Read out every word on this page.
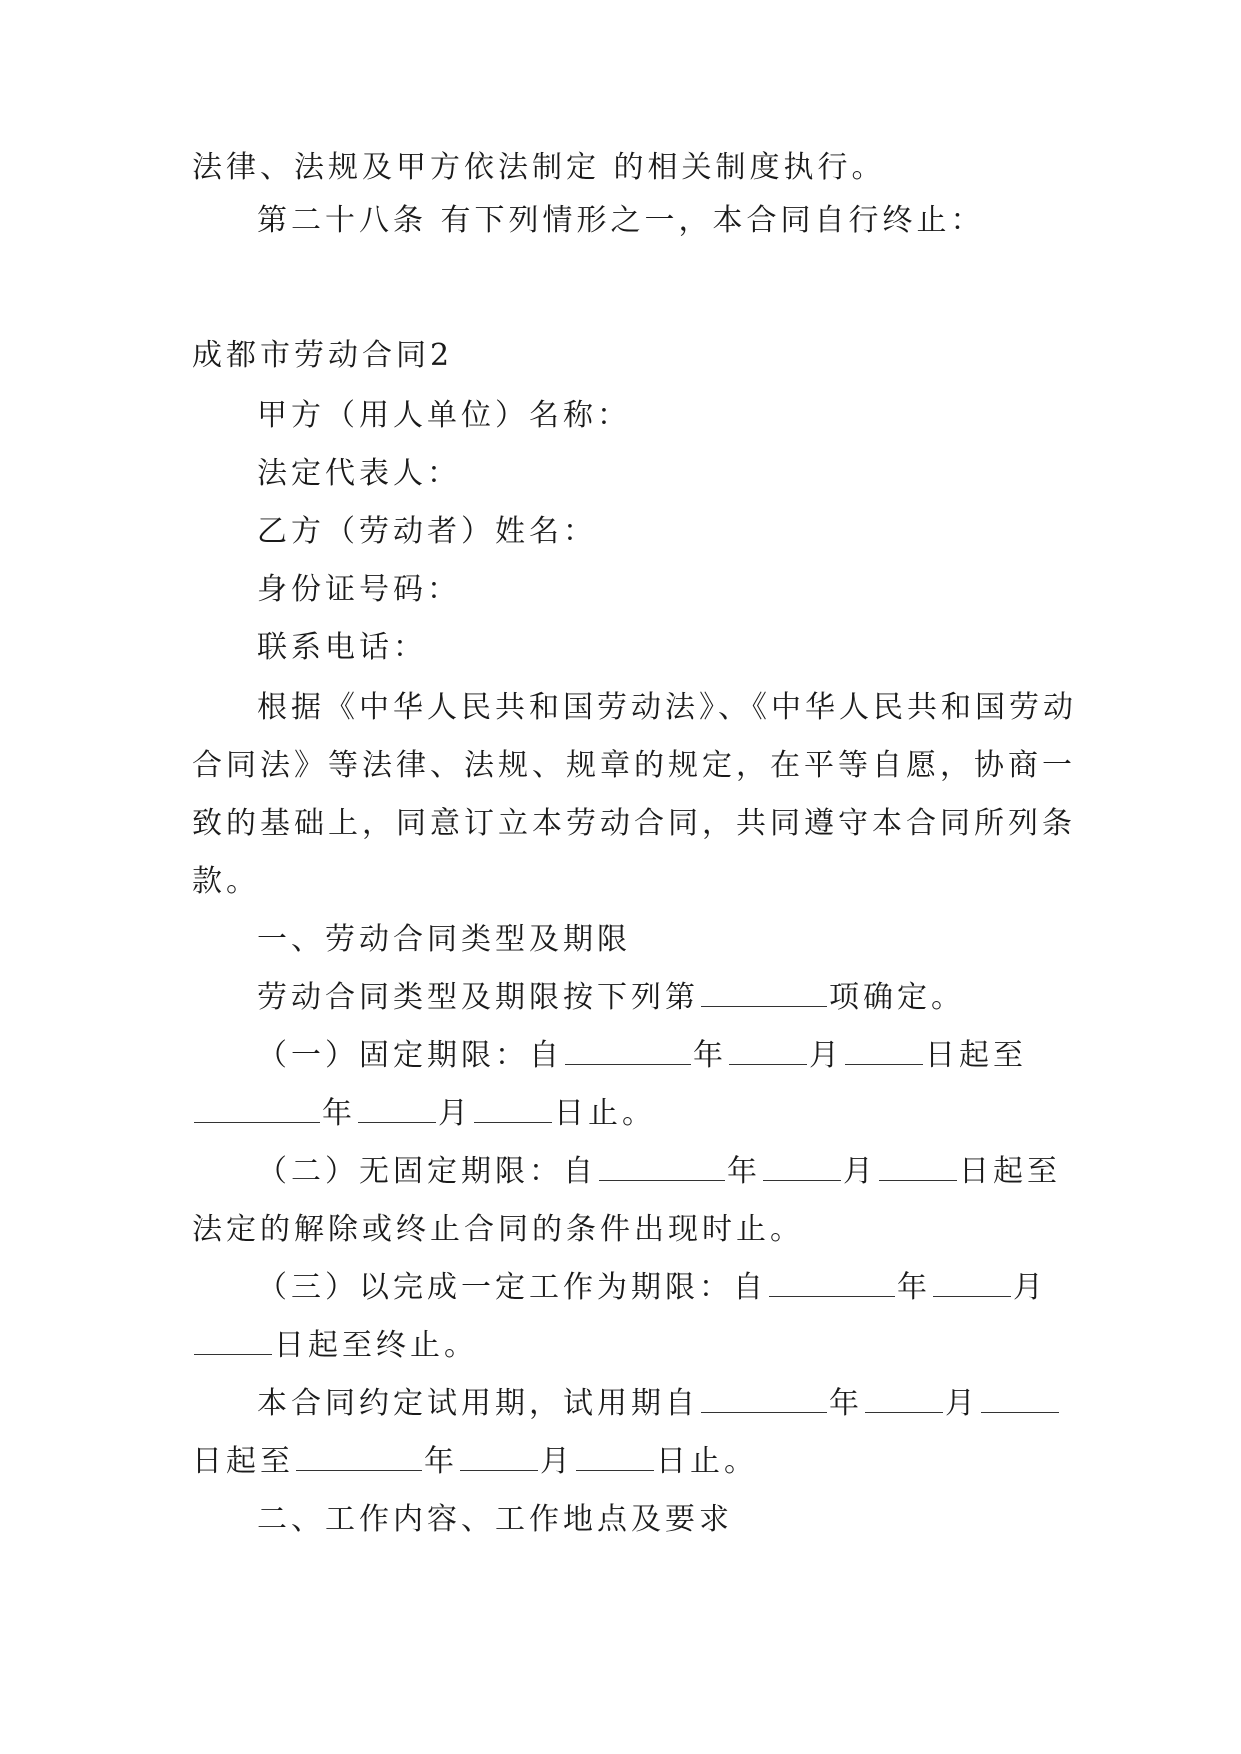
法律、法规及甲方依法制定 的相关制度执行。
第二十八条 有下列情形之一，本合同自行终止：
成都市劳动合同2
甲方（用人单位）名称：
法定代表人：
乙方（劳动者）姓名：
身份证号码：
联系电话：
根据《中华人民共和国劳动法》、《中华人民共和国劳动
合同法》等法律、法规、规章的规定，在平等自愿，协商一
致的基础上，同意订立本劳动合同，共同遵守本合同所列条
款。
一、劳动合同类型及期限
劳动合同类型及期限按下列第	项确定。
（一）固定期限：自	年	月	日起至
年	月	日止。
（二）无固定期限：自	年	月	日起至
法定的解除或终止合同的条件出现时止。
（三）以完成一定工作为期限：自	年	月
日起至终止。
本合同约定试用期，试用期自	年	月
日起至	年	月	日止。
二、工作内容、工作地点及要求
